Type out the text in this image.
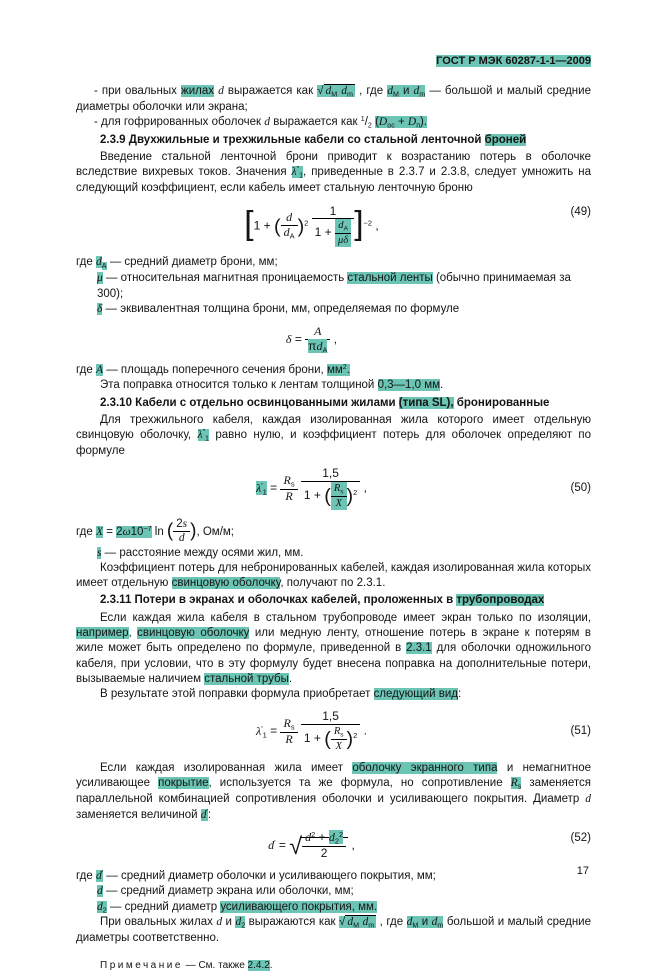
ГОСТ Р МЭК 60287-1-1—2009
- при овальных жилах d выражается как √ $d_M$ $d_m$ , где $d_M$ и $d_m$ — большой и малый средние диаметры оболочки или экрана;
- для гофрированных оболочек d выражается как $^1/_2$ $(D_{ос} + D_п)$.
2.3.9 Двухжильные и трехжильные кабели со стальной ленточной броней
Введение стальной ленточной брони приводит к возрастанию потерь в оболочке вследствие вихревых токов. Значения $\lambda''_1$, приведенные в 2.3.7 и 2.3.8, следует умножить на следующий коэффициент, если кабель имеет стальную ленточную броню
[1 + ( $\frac{d}{d_A} )^2 \frac{1}{1 + \frac{d_A}{\mu\delta}} ]^{-2}$ ,
(49)
где $d_A$ — средний диаметр брони, мм;
μ — относительная магнитная проницаемость стальной ленты (обычно принимаемая за 300);
δ — эквивалентная толщина брони, мм, определяемая по формуле
$\delta = \frac{A}{\pi d_A}$ ,
где A — площадь поперечного сечения брони, $мм^2$.
Эта поправка относится только к лентам толщиной 0,3—1,0 мм.
2.3.10 Кабели с отдельно освинцованными жилами (типа SL), бронированные
Для трехжильного кабеля, каждая изолированная жила которого имеет отдельную свинцовую оболочку, $\lambda''_1$ равно нулю, и коэффициент потерь для оболочек определяют по формуле
$\lambda'_1 = \frac{R_s}{R}$
$\frac{1,5}{1 + ( \frac{R_s}{X} )^2}$ ,	(50)
где $X = 2\omega 10^{-7}$ ln ( $\frac{2s}{d}$ ), Ом/м;
s — расстояние между осями жил, мм.
Коэффициент потерь для небронированных кабелей, каждая изолированная жила которых имеет отдельную свинцовую оболочку, получают по 2.3.1.
2.3.11 Потери в экранах и оболочках кабелей, проложенных в трубопроводах
Если каждая жила кабеля в стальном трубопроводе имеет экран только по изоляции, например, свинцовую оболочку или медную ленту, отношение потерь в экране к потерям в жиле может быть определено по формуле, приведенной в 2.3.1 для оболочки одножильного кабеля, при условии, что в эту формулу будет внесена поправка на дополнительные потери, вызываемые наличием стальной трубы.
В результате этой поправки формула приобретает следующий вид:
$\lambda'_1 = \frac{R_s}{R}$
$\frac{1,5}{1 + ( \frac{R_s}{X} )^2}$ .	(51)
Если каждая изолированная жила имеет оболочку экранного типа и немагнитное усиливающее покрытие, используется та же формула, но сопротивление $R_s$ заменяется параллельной комбинацией сопротивления оболочки и усиливающего покрытия. Диаметр d заменяется величиной d′:
d′ = √ $\frac{d^2 + d_2^2}{2}$ ,
(52)
где d′ — средний диаметр оболочки и усиливающего покрытия, мм;
d — средний диаметр экрана или оболочки, мм;
$d_2$ — средний диаметр усиливающего покрытия, мм.
При овальных жилах d и $d_2$ выражаются как √ $d_M$ $d_m$ , где $d_M$ и $d_m$ большой и малый средние диаметры соответственно.
Примечание — См. также 2.4.2.
17
